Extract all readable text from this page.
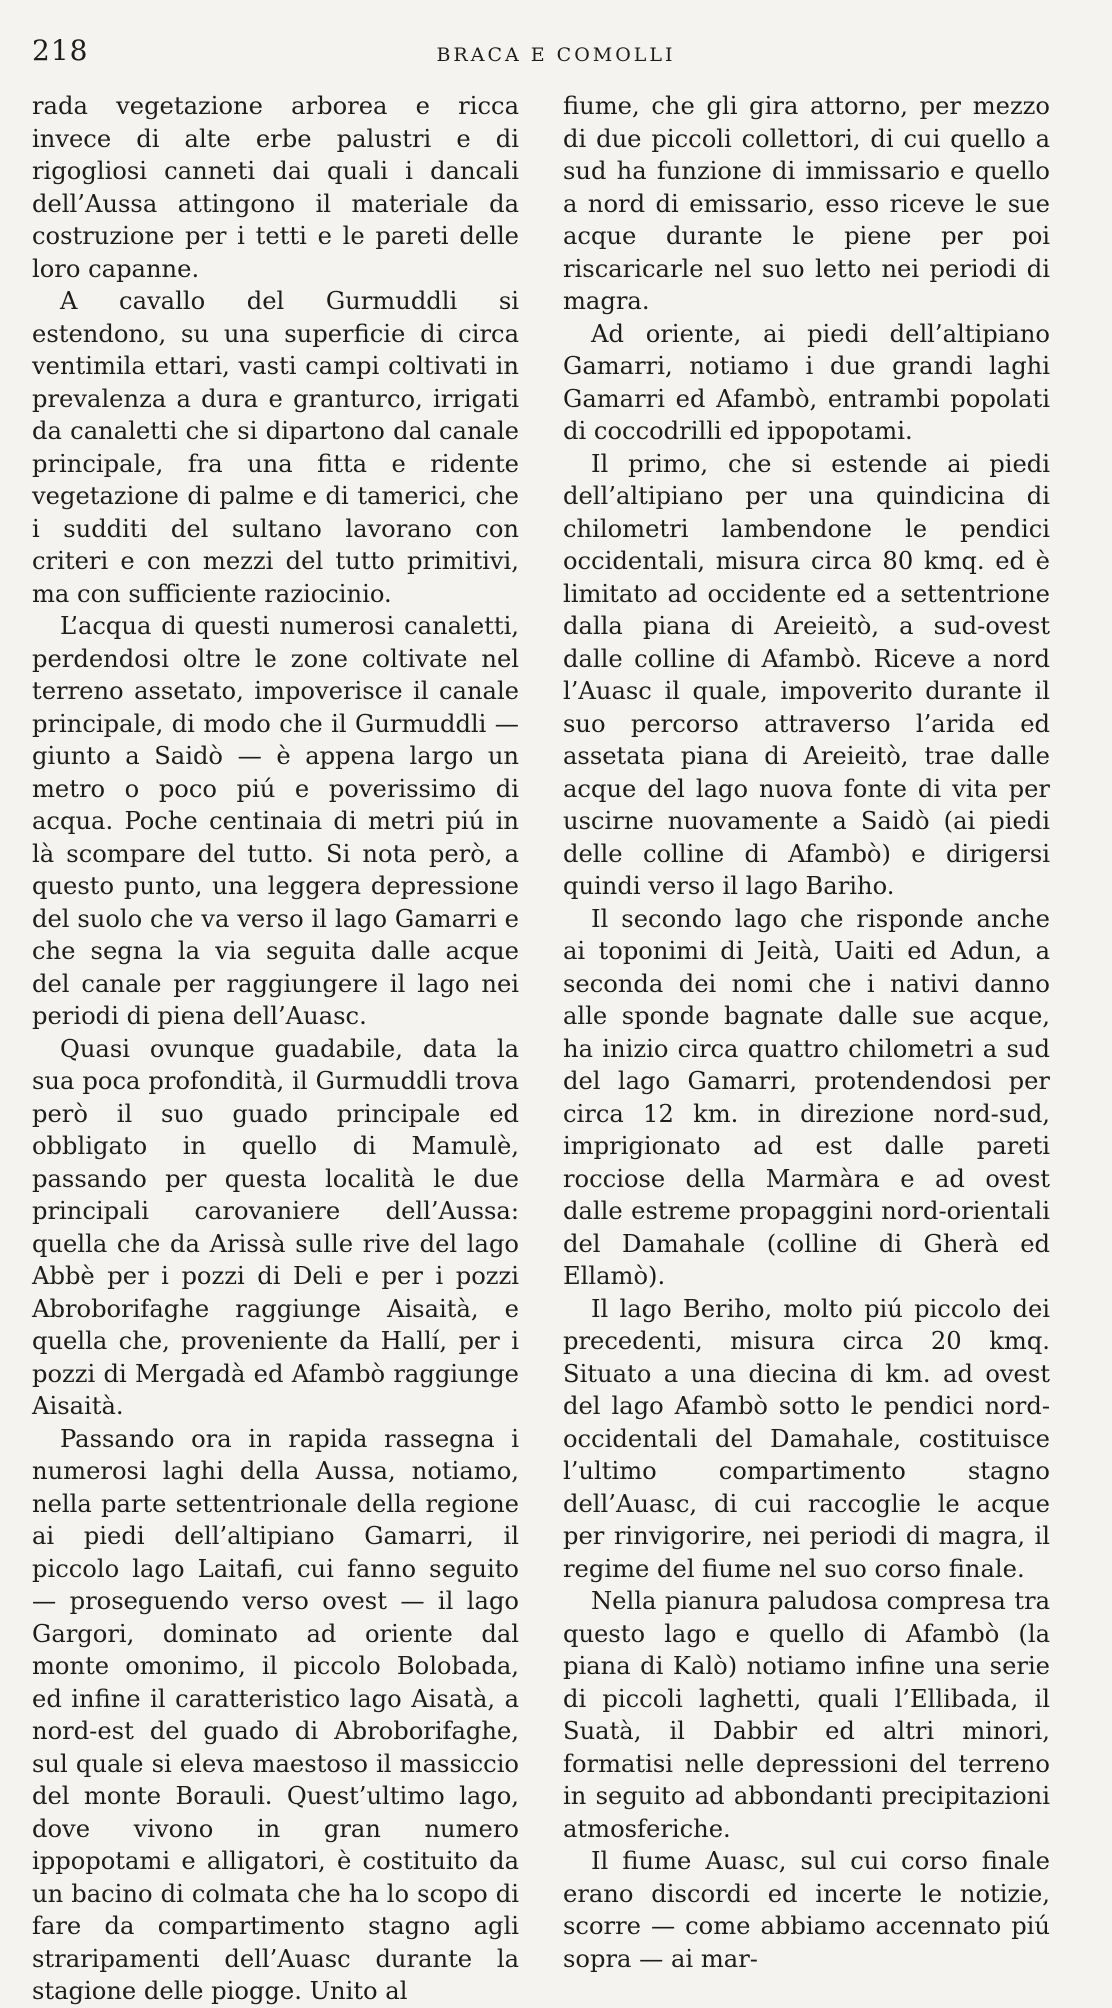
218	BRACA E COMOLLI

rada vegetazione arborea e ricca invece di alte erbe palustri e di rigogliosi canneti dai quali i dancali dell’Aussa attingono il materiale da costruzione per i tetti e le pareti delle loro capanne.

A cavallo del Gurmuddli si estendono, su una superficie di circa ventimila ettari, vasti campi coltivati in prevalenza a dura e granturco, irrigati da canaletti che si dipartono dal canale principale, fra una fitta e ridente vegetazione di palme e di tamerici, che i sudditi del sultano lavorano con criteri e con mezzi del tutto primitivi, ma con sufficiente raziocinio.

L’acqua di questi numerosi canaletti, perdendosi oltre le zone coltivate nel terreno assetato, impoverisce il canale principale, di modo che il Gurmuddli — giunto a Saidò — è appena largo un metro o poco piú e poverissimo di acqua. Poche centinaia di metri piú in là scompare del tutto. Si nota però, a questo punto, una leggera depressione del suolo che va verso il lago Gamarri e che segna la via seguita dalle acque del canale per raggiungere il lago nei periodi di piena dell’Auasc.

Quasi ovunque guadabile, data la sua poca profondità, il Gurmuddli trova però il suo guado principale ed obbligato in quello di Mamulè, passando per questa località le due principali carovaniere dell’Aussa: quella che da Arissà sulle rive del lago Abbè per i pozzi di Deli e per i pozzi Abroborifaghe raggiunge Aisaità, e quella che, proveniente da Hallí, per i pozzi di Mergadà ed Afambò raggiunge Aisaità.

Passando ora in rapida rassegna i numerosi laghi della Aussa, notiamo, nella parte settentrionale della regione ai piedi dell’altipiano Gamarri, il piccolo lago Laitafi, cui fanno seguito — proseguendo verso ovest — il lago Gargori, dominato ad oriente dal monte omonimo, il piccolo Bolobada, ed infine il caratteristico lago Aisatà, a nord-est del guado di Abroborifaghe, sul quale si eleva maestoso il massiccio del monte Borauli. Quest’ultimo lago, dove vivono in gran numero ippopotami e alligatori, è costituito da un bacino di colmata che ha lo scopo di fare da compartimento stagno agli straripamenti dell’Auasc durante la stagione delle piogge. Unito al

fiume, che gli gira attorno, per mezzo di due piccoli collettori, di cui quello a sud ha funzione di immissario e quello a nord di emissario, esso riceve le sue acque durante le piene per poi riscaricarle nel suo letto nei periodi di magra.

Ad oriente, ai piedi dell’altipiano Gamarri, notiamo i due grandi laghi Gamarri ed Afambò, entrambi popolati di coccodrilli ed ippopotami.

Il primo, che si estende ai piedi dell’altipiano per una quindicina di chilometri lambendone le pendici occidentali, misura circa 80 kmq. ed è limitato ad occidente ed a settentrione dalla piana di Areieitò, a sud-ovest dalle colline di Afambò. Riceve a nord l’Auasc il quale, impoverito durante il suo percorso attraverso l’arida ed assetata piana di Areieitò, trae dalle acque del lago nuova fonte di vita per uscirne nuovamente a Saidò (ai piedi delle colline di Afambò) e dirigersi quindi verso il lago Bariho.

Il secondo lago che risponde anche ai toponimi di Jeità, Uaiti ed Adun, a seconda dei nomi che i nativi danno alle sponde bagnate dalle sue acque, ha inizio circa quattro chilometri a sud del lago Gamarri, protendendosi per circa 12 km. in direzione nord-sud, imprigionato ad est dalle pareti rocciose della Marmàra e ad ovest dalle estreme propaggini nord-orientali del Damahale (colline di Gherà ed Ellamò).

Il lago Beriho, molto piú piccolo dei precedenti, misura circa 20 kmq. Situato a una diecina di km. ad ovest del lago Afambò sotto le pendici nord-occidentali del Damahale, costituisce l’ultimo compartimento stagno dell’Auasc, di cui raccoglie le acque per rinvigorire, nei periodi di magra, il regime del fiume nel suo corso finale.

Nella pianura paludosa compresa tra questo lago e quello di Afambò (la piana di Kalò) notiamo infine una serie di piccoli laghetti, quali l’Ellibada, il Suatà, il Dabbir ed altri minori, formatisi nelle depressioni del terreno in seguito ad abbondanti precipitazioni atmosferiche.

Il fiume Auasc, sul cui corso finale erano discordi ed incerte le notizie, scorre — come abbiamo accennato piú sopra — ai mar-
